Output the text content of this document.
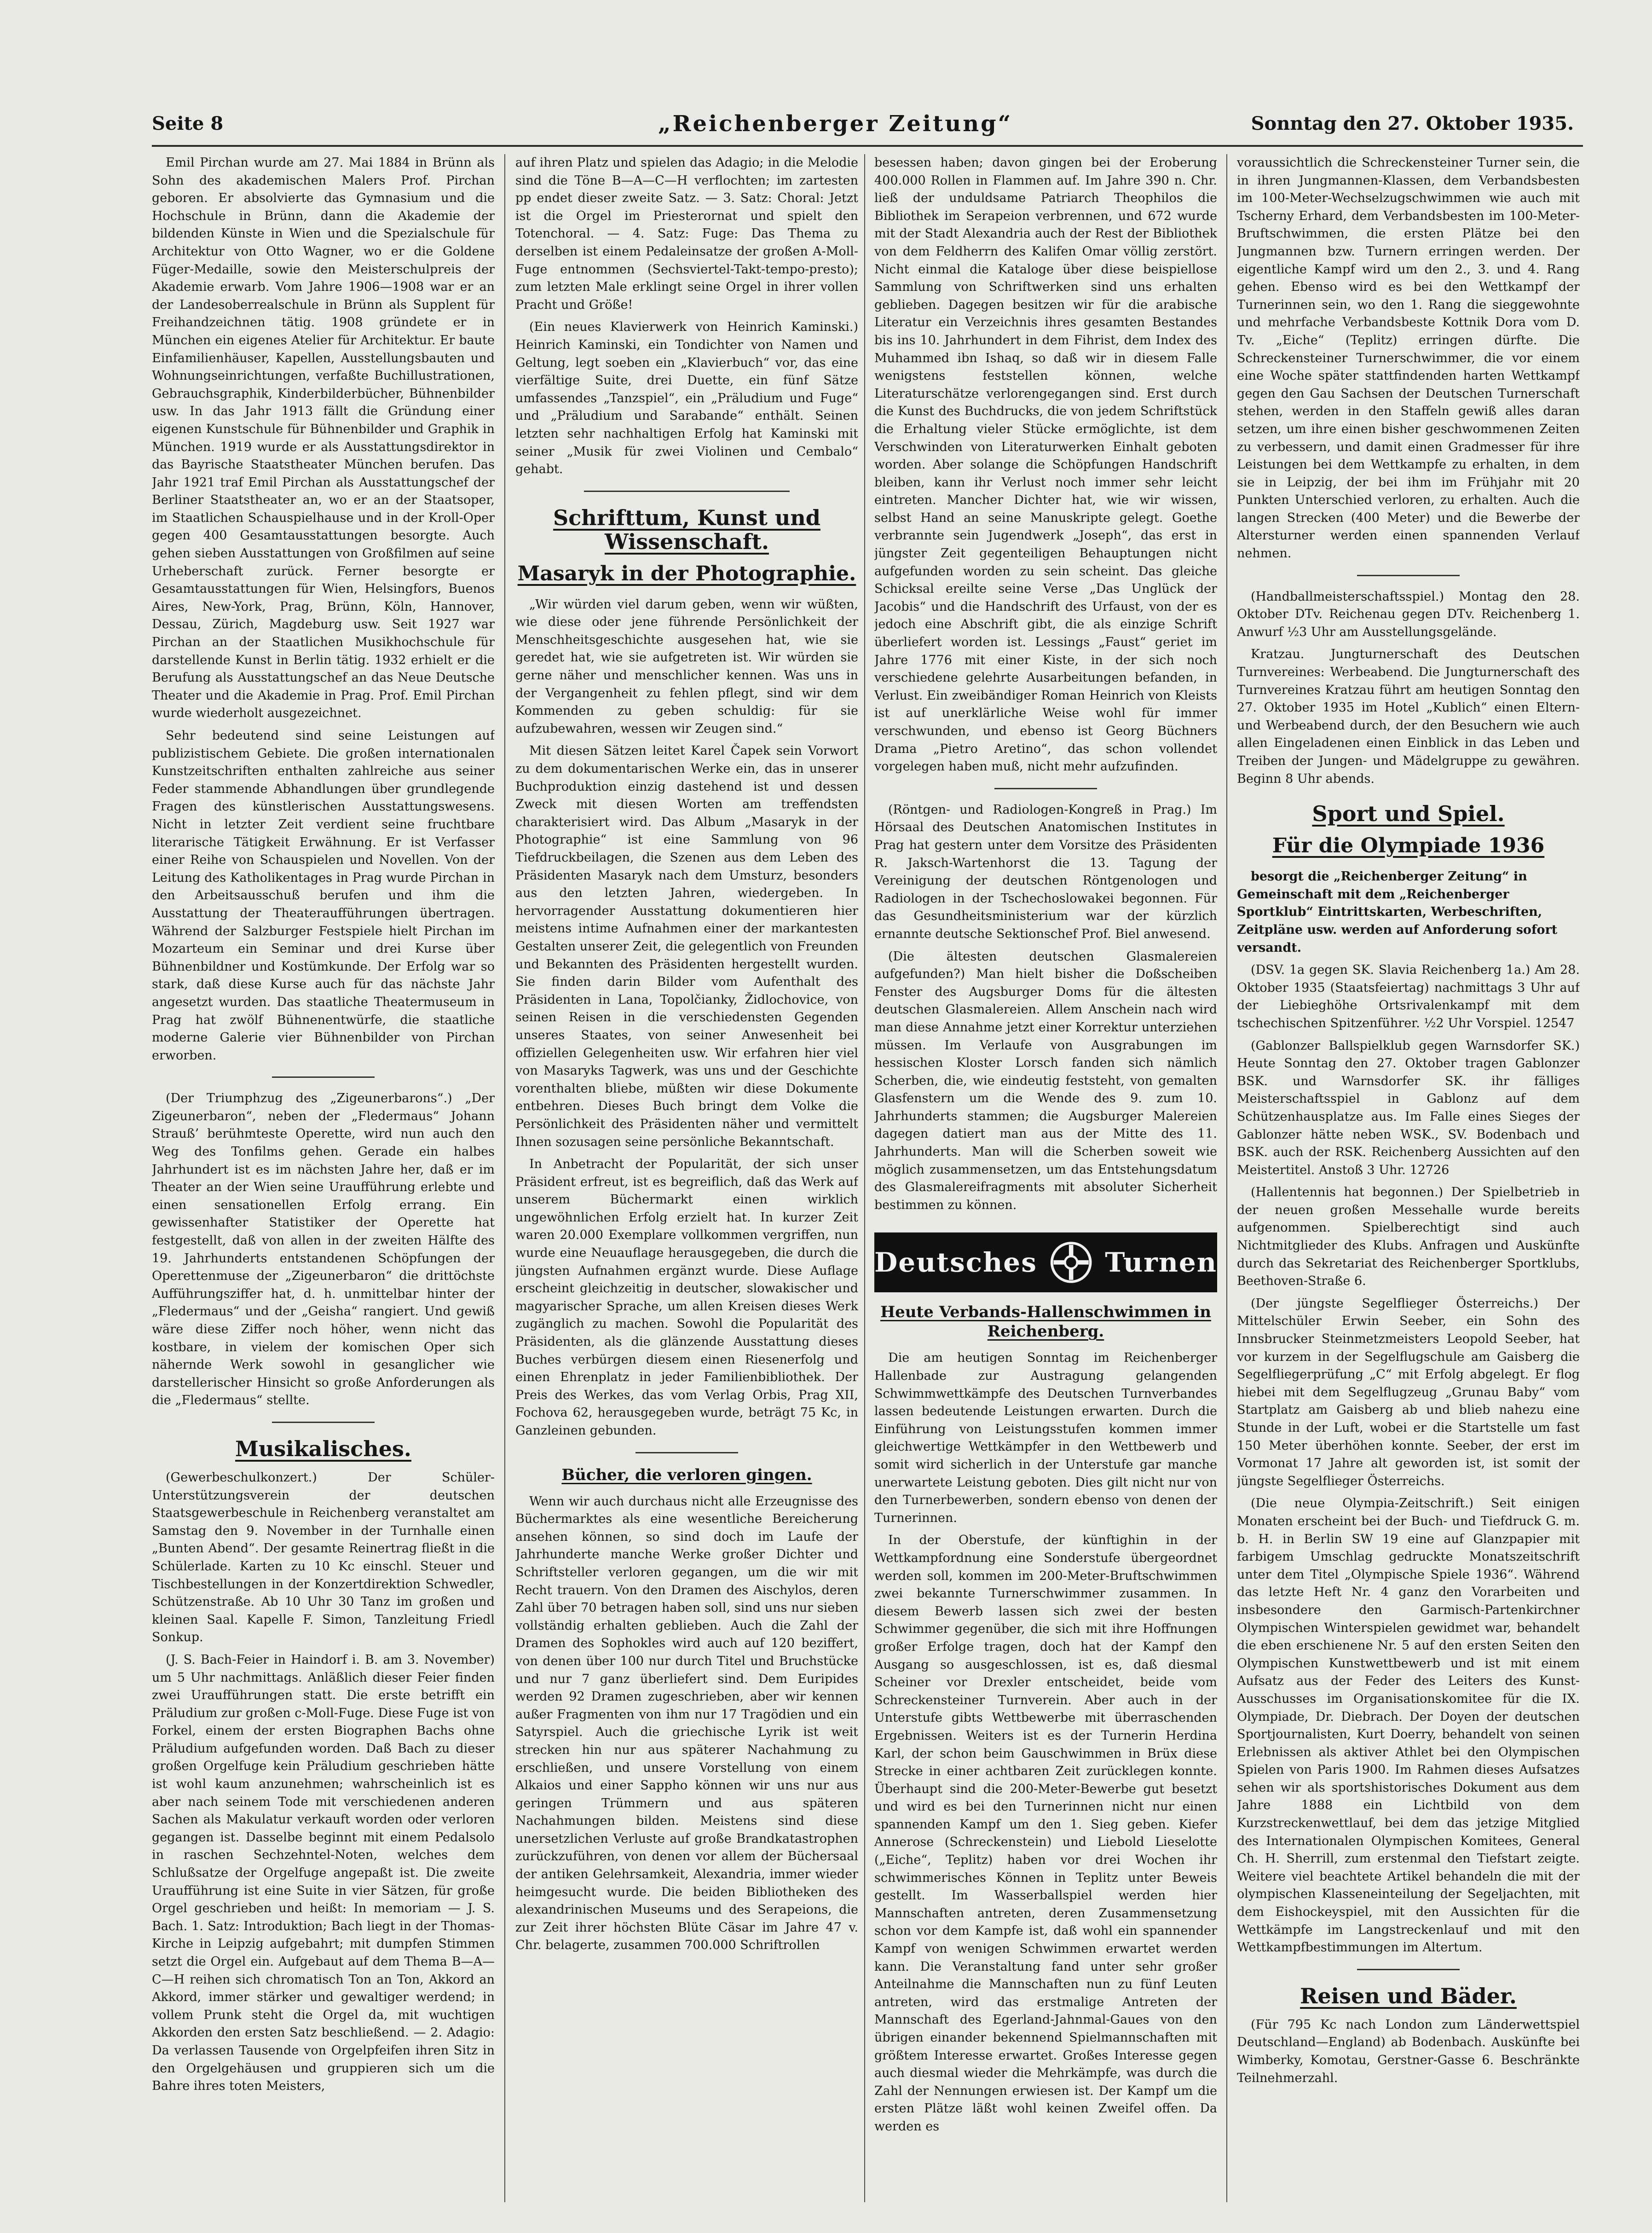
Seite 8	„Reichenberger Zeitung“	Sonntag den 27. Oktober 1935.

Emil Pirchan wurde am 27. Mai 1884 in Brünn als Sohn des akademischen Malers Prof. Pirchan geboren. Er absolvierte das Gymnasium und die Hochschule in Brünn, dann die Akademie der bildenden Künste in Wien und die Spezialschule für Architektur von Otto Wagner, wo er die Goldene Füger-Medaille, sowie den Meisterschulpreis der Akademie erwarb. Vom Jahre 1906—1908 war er an der Landesoberrealschule in Brünn als Supplent für Freihandzeichnen tätig. 1908 gründete er in München ein eigenes Atelier für Architektur. Er baute Einfamilienhäuser, Kapellen, Ausstellungsbauten und Wohnungseinrichtungen, verfaßte Buchillustrationen, Gebrauchsgraphik, Kinderbilderbücher, Bühnenbilder usw. In das Jahr 1913 fällt die Gründung einer eigenen Kunstschule für Bühnenbilder und Graphik in München. 1919 wurde er als Ausstattungsdirektor in das Bayrische Staatstheater München berufen. Das Jahr 1921 traf Emil Pirchan als Ausstattungschef der Berliner Staatstheater an, wo er an der Staatsoper, im Staatlichen Schauspielhause und in der Kroll-Oper gegen 400 Gesamtausstattungen besorgte. Auch gehen sieben Ausstattungen von Großfilmen auf seine Urheberschaft zurück. Ferner besorgte er Gesamtausstattungen für Wien, Helsingfors, Buenos Aires, New-York, Prag, Brünn, Köln, Hannover, Dessau, Zürich, Magdeburg usw. Seit 1927 war Pirchan an der Staatlichen Musikhochschule für darstellende Kunst in Berlin tätig. 1932 erhielt er die Berufung als Ausstattungschef an das Neue Deutsche Theater und die Akademie in Prag. Prof. Emil Pirchan wurde wiederholt ausgezeichnet.

Sehr bedeutend sind seine Leistungen auf publizistischem Gebiete. Die großen internationalen Kunstzeitschriften enthalten zahlreiche aus seiner Feder stammende Abhandlungen über grundlegende Fragen des künstlerischen Ausstattungswesens. Nicht in letzter Zeit verdient seine fruchtbare literarische Tätigkeit Erwähnung. Er ist Verfasser einer Reihe von Schauspielen und Novellen. Von der Leitung des Katholikentages in Prag wurde Pirchan in den Arbeitsausschuß berufen und ihm die Ausstattung der Theateraufführungen übertragen. Während der Salzburger Festspiele hielt Pirchan im Mozarteum ein Seminar und drei Kurse über Bühnenbildner und Kostümkunde. Der Erfolg war so stark, daß diese Kurse auch für das nächste Jahr angesetzt wurden. Das staatliche Theatermuseum in Prag hat zwölf Bühnenentwürfe, die staatliche moderne Galerie vier Bühnenbilder von Pirchan erworben.

(Der Triumphzug des „Zigeunerbarons“.) „Der Zigeunerbaron“, neben der „Fledermaus“ Johann Strauß’ berühmteste Operette, wird nun auch den Weg des Tonfilms gehen. Gerade ein halbes Jahrhundert ist es im nächsten Jahre her, daß er im Theater an der Wien seine Uraufführung erlebte und einen sensationellen Erfolg errang. Ein gewissenhafter Statistiker der Operette hat festgestellt, daß von allen in der zweiten Hälfte des 19. Jahrhunderts entstandenen Schöpfungen der Operettenmuse der „Zigeunerbaron“ die drittöchste Aufführungsziffer hat, d. h. unmittelbar hinter der „Fledermaus“ und der „Geisha“ rangiert. Und gewiß wäre diese Ziffer noch höher, wenn nicht das kostbare, in vielem der komischen Oper sich nähernde Werk sowohl in gesanglicher wie darstellerischer Hinsicht so große Anforderungen als die „Fledermaus“ stellte.

Musikalisches.

(Gewerbeschulkonzert.) Der Schüler-Unterstützungsverein der deutschen Staatsgewerbeschule in Reichenberg veranstaltet am Samstag den 9. November in der Turnhalle einen „Bunten Abend“. Der gesamte Reinertrag fließt in die Schülerlade. Karten zu 10 Kc einschl. Steuer und Tischbestellungen in der Konzertdirektion Schwedler, Schützenstraße. Ab 10 Uhr 30 Tanz im großen und kleinen Saal. Kapelle F. Simon, Tanzleitung Friedl Sonkup.

(J. S. Bach-Feier in Haindorf i. B. am 3. November) um 5 Uhr nachmittags. Anläßlich dieser Feier finden zwei Uraufführungen statt. Die erste betrifft ein Präludium zur großen c-Moll-Fuge. Diese Fuge ist von Forkel, einem der ersten Biographen Bachs ohne Präludium aufgefunden worden. Daß Bach zu dieser großen Orgelfuge kein Präludium geschrieben hätte ist wohl kaum anzunehmen; wahrscheinlich ist es aber nach seinem Tode mit verschiedenen anderen Sachen als Makulatur verkauft worden oder verloren gegangen ist. Dasselbe beginnt mit einem Pedalsolo in raschen Sechzehntel-Noten, welches dem Schlußsatze der Orgelfuge angepaßt ist. Die zweite Uraufführung ist eine Suite in vier Sätzen, für große Orgel geschrieben und heißt: In memoriam — J. S. Bach. 1. Satz: Introduktion; Bach liegt in der Thomas-Kirche in Leipzig aufgebahrt; mit dumpfen Stimmen setzt die Orgel ein. Aufgebaut auf dem Thema B—A—C—H reihen sich chromatisch Ton an Ton, Akkord an Akkord, immer stärker und gewaltiger werdend; in vollem Prunk steht die Orgel da, mit wuchtigen Akkorden den ersten Satz beschließend. — 2. Adagio: Da verlassen Tausende von Orgelpfeifen ihren Sitz in den Orgelgehäusen und gruppieren sich um die Bahre ihres toten Meisters,

auf ihren Platz und spielen das Adagio; in die Melodie sind die Töne B—A—C—H verflochten; im zartesten pp endet dieser zweite Satz. — 3. Satz: Choral: Jetzt ist die Orgel im Priesterornat und spielt den Totenchoral. — 4. Satz: Fuge: Das Thema zu derselben ist einem Pedaleinsatze der großen A-Moll-Fuge entnommen (Sechsviertel-Takt-tempo-presto); zum letzten Male erklingt seine Orgel in ihrer vollen Pracht und Größe!

(Ein neues Klavierwerk von Heinrich Kaminski.) Heinrich Kaminski, ein Tondichter von Namen und Geltung, legt soeben ein „Klavierbuch“ vor, das eine vierfältige Suite, drei Duette, ein fünf Sätze umfassendes „Tanzspiel“, ein „Präludium und Fuge“ und „Präludium und Sarabande“ enthält. Seinen letzten sehr nachhaltigen Erfolg hat Kaminski mit seiner „Musik für zwei Violinen und Cembalo“ gehabt.

Schrifttum, Kunst und Wissenschaft.
Masaryk in der Photographie.

„Wir würden viel darum geben, wenn wir wüßten, wie diese oder jene führende Persönlichkeit der Menschheitsgeschichte ausgesehen hat, wie sie geredet hat, wie sie aufgetreten ist. Wir würden sie gerne näher und menschlicher kennen. Was uns in der Vergangenheit zu fehlen pflegt, sind wir dem Kommenden zu geben schuldig: für sie aufzubewahren, wessen wir Zeugen sind.“

Mit diesen Sätzen leitet Karel Čapek sein Vorwort zu dem dokumentarischen Werke ein, das in unserer Buchproduktion einzig dastehend ist und dessen Zweck mit diesen Worten am treffendsten charakterisiert wird. Das Album „Masaryk in der Photographie“ ist eine Sammlung von 96 Tiefdruckbeilagen, die Szenen aus dem Leben des Präsidenten Masaryk nach dem Umsturz, besonders aus den letzten Jahren, wiedergeben. In hervorragender Ausstattung dokumentieren hier meistens intime Aufnahmen einer der markantesten Gestalten unserer Zeit, die gelegentlich von Freunden und Bekannten des Präsidenten hergestellt wurden. Sie finden darin Bilder vom Aufenthalt des Präsidenten in Lana, Topolčianky, Židlochovice, von seinen Reisen in die verschiedensten Gegenden unseres Staates, von seiner Anwesenheit bei offiziellen Gelegenheiten usw. Wir erfahren hier viel von Masaryks Tagwerk, was uns und der Geschichte vorenthalten bliebe, müßten wir diese Dokumente entbehren. Dieses Buch bringt dem Volke die Persönlichkeit des Präsidenten näher und vermittelt Ihnen sozusagen seine persönliche Bekanntschaft.

In Anbetracht der Popularität, der sich unser Präsident erfreut, ist es begreiflich, daß das Werk auf unserem Büchermarkt einen wirklich ungewöhnlichen Erfolg erzielt hat. In kurzer Zeit waren 20.000 Exemplare vollkommen vergriffen, nun wurde eine Neuauflage herausgegeben, die durch die jüngsten Aufnahmen ergänzt wurde. Diese Auflage erscheint gleichzeitig in deutscher, slowakischer und magyarischer Sprache, um allen Kreisen dieses Werk zugänglich zu machen. Sowohl die Popularität des Präsidenten, als die glänzende Ausstattung dieses Buches verbürgen diesem einen Riesenerfolg und einen Ehrenplatz in jeder Familienbibliothek. Der Preis des Werkes, das vom Verlag Orbis, Prag XII, Fochova 62, herausgegeben wurde, beträgt 75 Kc, in Ganzleinen gebunden.

Bücher, die verloren gingen.

Wenn wir auch durchaus nicht alle Erzeugnisse des Büchermarktes als eine wesentliche Bereicherung ansehen können, so sind doch im Laufe der Jahrhunderte manche Werke großer Dichter und Schriftsteller verloren gegangen, um die wir mit Recht trauern. Von den Dramen des Aischylos, deren Zahl über 70 betragen haben soll, sind uns nur sieben vollständig erhalten geblieben. Auch die Zahl der Dramen des Sophokles wird auch auf 120 beziffert, von denen über 100 nur durch Titel und Bruchstücke und nur 7 ganz überliefert sind. Dem Euripides werden 92 Dramen zugeschrieben, aber wir kennen außer Fragmenten von ihm nur 17 Tragödien und ein Satyrspiel. Auch die griechische Lyrik ist weit strecken hin nur aus späterer Nachahmung zu erschließen, und unsere Vorstellung von einem Alkaios und einer Sappho können wir uns nur aus geringen Trümmern und aus späteren Nachahmungen bilden. Meistens sind diese unersetzlichen Verluste auf große Brandkatastrophen zurückzuführen, von denen vor allem der Büchersaal der antiken Gelehrsamkeit, Alexandria, immer wieder heimgesucht wurde. Die beiden Bibliotheken des alexandrinischen Museums und des Serapeions, die zur Zeit ihrer höchsten Blüte Cäsar im Jahre 47 v. Chr. belagerte, zusammen 700.000 Schriftrollen

besessen haben; davon gingen bei der Eroberung 400.000 Rollen in Flammen auf. Im Jahre 390 n. Chr. ließ der unduldsame Patriarch Theophilos die Bibliothek im Serapeion verbrennen, und 672 wurde mit der Stadt Alexandria auch der Rest der Bibliothek von dem Feldherrn des Kalifen Omar völlig zerstört. Nicht einmal die Kataloge über diese beispiellose Sammlung von Schriftwerken sind uns erhalten geblieben. Dagegen besitzen wir für die arabische Literatur ein Verzeichnis ihres gesamten Bestandes bis ins 10. Jahrhundert in dem Fihrist, dem Index des Muhammed ibn Ishaq, so daß wir in diesem Falle wenigstens feststellen können, welche Literaturschätze verlorengegangen sind. Erst durch die Kunst des Buchdrucks, die von jedem Schriftstück die Erhaltung vieler Stücke ermöglichte, ist dem Verschwinden von Literaturwerken Einhalt geboten worden. Aber solange die Schöpfungen Handschrift bleiben, kann ihr Verlust noch immer sehr leicht eintreten. Mancher Dichter hat, wie wir wissen, selbst Hand an seine Manuskripte gelegt. Goethe verbrannte sein Jugendwerk „Joseph“, das erst in jüngster Zeit gegenteiligen Behauptungen nicht aufgefunden worden zu sein scheint. Das gleiche Schicksal ereilte seine Verse „Das Unglück der Jacobis“ und die Handschrift des Urfaust, von der es jedoch eine Abschrift gibt, die als einzige Schrift überliefert worden ist. Lessings „Faust“ geriet im Jahre 1776 mit einer Kiste, in der sich noch verschiedene gelehrte Ausarbeitungen befanden, in Verlust. Ein zweibändiger Roman Heinrich von Kleists ist auf unerklärliche Weise wohl für immer verschwunden, und ebenso ist Georg Büchners Drama „Pietro Aretino“, das schon vollendet vorgelegen haben muß, nicht mehr aufzufinden.

(Röntgen- und Radiologen-Kongreß in Prag.) Im Hörsaal des Deutschen Anatomischen Institutes in Prag hat gestern unter dem Vorsitze des Präsidenten R. Jaksch-Wartenhorst die 13. Tagung der Vereinigung der deutschen Röntgenologen und Radiologen in der Tschechoslowakei begonnen. Für das Gesundheitsministerium war der kürzlich ernannte deutsche Sektionschef Prof. Biel anwesend.

(Die ältesten deutschen Glasmalereien aufgefunden?) Man hielt bisher die Doßscheiben Fenster des Augsburger Doms für die ältesten deutschen Glasmalereien. Allem Anschein nach wird man diese Annahme jetzt einer Korrektur unterziehen müssen. Im Verlaufe von Ausgrabungen im hessischen Kloster Lorsch fanden sich nämlich Scherben, die, wie eindeutig feststeht, von gemalten Glasfenstern um die Wende des 9. zum 10. Jahrhunderts stammen; die Augsburger Malereien dagegen datiert man aus der Mitte des 11. Jahrhunderts. Man will die Scherben soweit wie möglich zusammensetzen, um das Entstehungsdatum des Glasmalereifragments mit absoluter Sicherheit bestimmen zu können.

Deutsches	Turnen
Heute Verbands-Hallenschwimmen in Reichenberg.

Die am heutigen Sonntag im Reichenberger Hallenbade zur Austragung gelangenden Schwimmwettkämpfe des Deutschen Turnverbandes lassen bedeutende Leistungen erwarten. Durch die Einführung von Leistungsstufen kommen immer gleichwertige Wettkämpfer in den Wettbewerb und somit wird sicherlich in der Unterstufe gar manche unerwartete Leistung geboten. Dies gilt nicht nur von den Turnerbewerben, sondern ebenso von denen der Turnerinnen.

In der Oberstufe, der künftighin in der Wettkampfordnung eine Sonderstufe übergeordnet werden soll, kommen im 200-Meter-Bruftschwimmen zwei bekannte Turnerschwimmer zusammen. In diesem Bewerb lassen sich zwei der besten Schwimmer gegenüber, die sich mit ihre Hoffnungen großer Erfolge tragen, doch hat der Kampf den Ausgang so ausgeschlossen, ist es, daß diesmal Scheiner vor Drexler entscheidet, beide vom Schreckensteiner Turnverein. Aber auch in der Unterstufe gibts Wettbewerbe mit überraschenden Ergebnissen. Weiters ist es der Turnerin Herdina Karl, der schon beim Gauschwimmen in Brüx diese Strecke in einer achtbaren Zeit zurücklegen konnte. Überhaupt sind die 200-Meter-Bewerbe gut besetzt und wird es bei den Turnerinnen nicht nur einen spannenden Kampf um den 1. Sieg geben. Kiefer Annerose (Schreckenstein) und Liebold Lieselotte („Eiche“, Teplitz) haben vor drei Wochen ihr schwimmerisches Können in Teplitz unter Beweis gestellt. Im Wasserballspiel werden hier Mannschaften antreten, deren Zusammensetzung schon vor dem Kampfe ist, daß wohl ein spannender Kampf von wenigen Schwimmen erwartet werden kann. Die Veranstaltung fand unter sehr großer Anteilnahme die Mannschaften nun zu fünf Leuten antreten, wird das erstmalige Antreten der Mannschaft des Egerland-Jahnmal-Gaues von den übrigen einander bekennend Spielmannschaften mit größtem Interesse erwartet. Großes Interesse gegen auch diesmal wieder die Mehrkämpfe, was durch die Zahl der Nennungen erwiesen ist. Der Kampf um die ersten Plätze läßt wohl keinen Zweifel offen. Da werden es

voraussichtlich die Schreckensteiner Turner sein, die in ihren Jungmannen-Klassen, dem Verbandsbesten im 100-Meter-Wechselzugschwimmen wie auch mit Tscherny Erhard, dem Verbandsbesten im 100-Meter-Bruftschwimmen, die ersten Plätze bei den Jungmannen bzw. Turnern erringen werden. Der eigentliche Kampf wird um den 2., 3. und 4. Rang gehen. Ebenso wird es bei den Wettkampf der Turnerinnen sein, wo den 1. Rang die sieggewohnte und mehrfache Verbandsbeste Kottnik Dora vom D. Tv. „Eiche“ (Teplitz) erringen dürfte. Die Schreckensteiner Turnerschwimmer, die vor einem eine Woche später stattfindenden harten Wettkampf gegen den Gau Sachsen der Deutschen Turnerschaft stehen, werden in den Staffeln gewiß alles daran setzen, um ihre einen bisher geschwommenen Zeiten zu verbessern, und damit einen Gradmesser für ihre Leistungen bei dem Wettkampfe zu erhalten, in dem sie in Leipzig, der bei ihm im Frühjahr mit 20 Punkten Unterschied verloren, zu erhalten. Auch die langen Strecken (400 Meter) und die Bewerbe der Altersturner werden einen spannenden Verlauf nehmen.

(Handballmeisterschaftsspiel.) Montag den 28. Oktober DTv. Reichenau gegen DTv. Reichenberg 1. Anwurf ½3 Uhr am Ausstellungsgelände.

Kratzau. Jungturnerschaft des Deutschen Turnvereines: Werbeabend. Die Jungturnerschaft des Turnvereines Kratzau führt am heutigen Sonntag den 27. Oktober 1935 im Hotel „Kublich“ einen Eltern- und Werbeabend durch, der den Besuchern wie auch allen Eingeladenen einen Einblick in das Leben und Treiben der Jungen- und Mädelgruppe zu gewähren. Beginn 8 Uhr abends.

Sport und Spiel.
Für die Olympiade 1936

besorgt die „Reichenberger Zeitung“ in Gemeinschaft mit dem „Reichenberger Sportklub“ Eintrittskarten, Werbeschriften, Zeitpläne usw. werden auf Anforderung sofort versandt.

(DSV. 1a gegen SK. Slavia Reichenberg 1a.) Am 28. Oktober 1935 (Staatsfeiertag) nachmittags 3 Uhr auf der Liebieghöhe Ortsrivalenkampf mit dem tschechischen Spitzenführer. ½2 Uhr Vorspiel. 12547

(Gablonzer Ballspielklub gegen Warnsdorfer SK.) Heute Sonntag den 27. Oktober tragen Gablonzer BSK. und Warnsdorfer SK. ihr fälliges Meisterschaftsspiel in Gablonz auf dem Schützenhausplatze aus. Im Falle eines Sieges der Gablonzer hätte neben WSK., SV. Bodenbach und BSK. auch der RSK. Reichenberg Aussichten auf den Meistertitel. Anstoß 3 Uhr. 12726

(Hallentennis hat begonnen.) Der Spielbetrieb in der neuen großen Messehalle wurde bereits aufgenommen. Spielberechtigt sind auch Nichtmitglieder des Klubs. Anfragen und Auskünfte durch das Sekretariat des Reichenberger Sportklubs, Beethoven-Straße 6.

(Der jüngste Segelflieger Österreichs.) Der Mittelschüler Erwin Seeber, ein Sohn des Innsbrucker Steinmetzmeisters Leopold Seeber, hat vor kurzem in der Segelflugschule am Gaisberg die Segelfliegerprüfung „C“ mit Erfolg abgelegt. Er flog hiebei mit dem Segelflugzeug „Grunau Baby“ vom Startplatz am Gaisberg ab und blieb nahezu eine Stunde in der Luft, wobei er die Startstelle um fast 150 Meter überhöhen konnte. Seeber, der erst im Vormonat 17 Jahre alt geworden ist, ist somit der jüngste Segelflieger Österreichs.

(Die neue Olympia-Zeitschrift.) Seit einigen Monaten erscheint bei der Buch- und Tiefdruck G. m. b. H. in Berlin SW 19 eine auf Glanzpapier mit farbigem Umschlag gedruckte Monatszeitschrift unter dem Titel „Olympische Spiele 1936“. Während das letzte Heft Nr. 4 ganz den Vorarbeiten und insbesondere den Garmisch-Partenkirchner Olympischen Winterspielen gewidmet war, behandelt die eben erschienene Nr. 5 auf den ersten Seiten den Olympischen Kunstwettbewerb und ist mit einem Aufsatz aus der Feder des Leiters des Kunst-Ausschusses im Organisationskomitee für die IX. Olympiade, Dr. Diebrach. Der Doyen der deutschen Sportjournalisten, Kurt Doerry, behandelt von seinen Erlebnissen als aktiver Athlet bei den Olympischen Spielen von Paris 1900. Im Rahmen dieses Aufsatzes sehen wir als sportshistorisches Dokument aus dem Jahre 1888 ein Lichtbild von dem Kurzstreckenwettlauf, bei dem das jetzige Mitglied des Internationalen Olympischen Komitees, General Ch. H. Sherrill, zum erstenmal den Tiefstart zeigte. Weitere viel beachtete Artikel behandeln die mit der olympischen Klasseneinteilung der Segeljachten, mit dem Eishockeyspiel, mit den Aussichten für die Wettkämpfe im Langstreckenlauf und mit den Wettkampfbestimmungen im Altertum.

Reisen und Bäder.

(Für 795 Kc nach London zum Länderwettspiel Deutschland—England) ab Bodenbach. Auskünfte bei Wimberky, Komotau, Gerstner-Gasse 6. Beschränkte Teilnehmerzahl.
